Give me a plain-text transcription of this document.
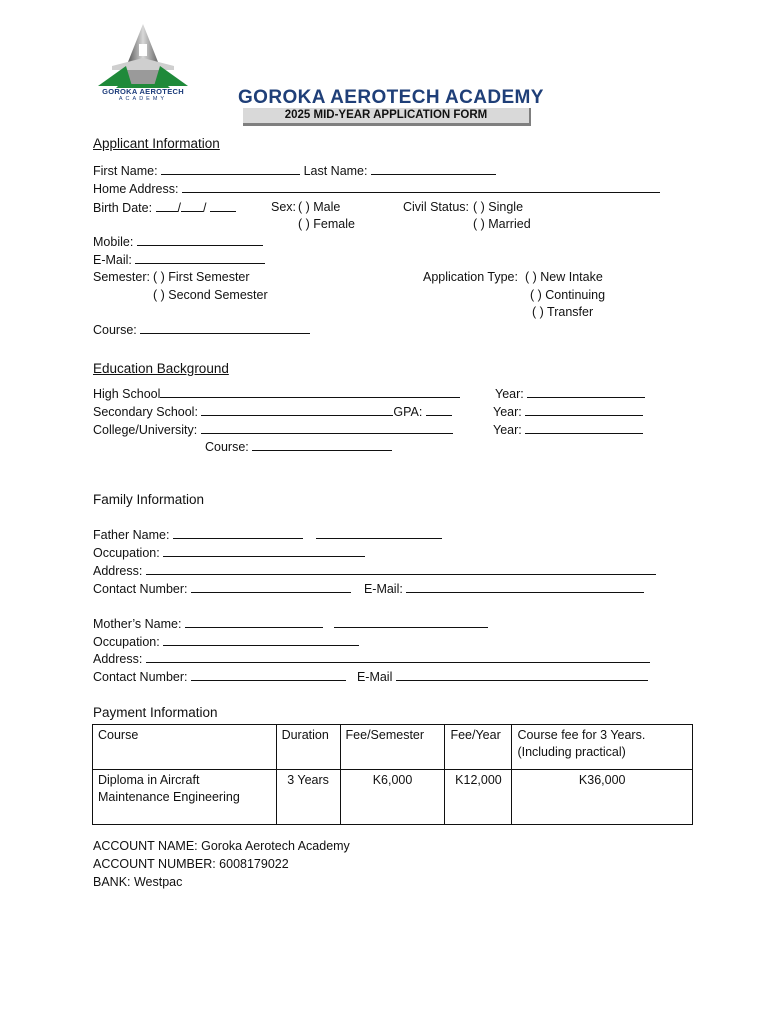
GOROKA AEROTECH
ACADEMY	GOROKA AEROTECH ACADEMY
2025 MID-YEAR APPLICATION FORM
Applicant Information
First Name:	Last Name:
Home Address:
Birth Date: / /	Sex: ( ) Male
( ) Female
Civil Status: ( ) Single
( ) Married
Mobile:
E-Mail:
Semester: ( ) First Semester
( ) Second Semester
Application Type: ( ) New Intake
( ) Continuing
( ) Transfer
Course:
Education Background
High School	Year:
Secondary School:	GPA:	Year:
College/University:	Year:
Course:
Family Information
Father Name:
Occupation:
Address:
Contact Number:	E-Mail:
Mother’s Name:
Occupation:
Address:
Contact Number:	E-Mail
Payment Information
Course	Duration	Fee/Semester	Fee/Year	Course fee for 3 Years. (Including practical)
Diploma in Aircraft Maintenance Engineering	3 Years	K6,000	K12,000	K36,000
ACCOUNT NAME: Goroka Aerotech Academy
ACCOUNT NUMBER: 6008179022
BANK: Westpac
